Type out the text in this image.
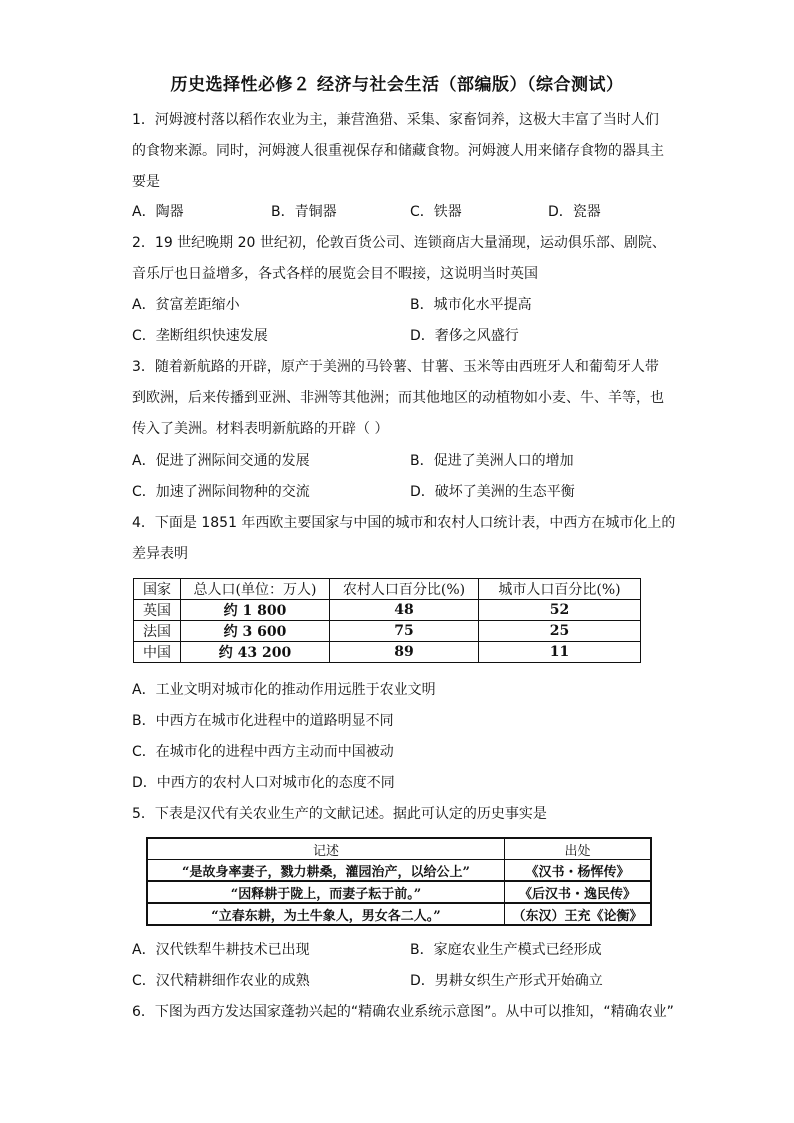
历史选择性必修２ 经济与社会生活（部编版）（综合测试）
1．河姆渡村落以稻作农业为主，兼营渔猎、采集、家畜饲养，这极大丰富了当时人们
的食物来源。同时，河姆渡人很重视保存和储藏食物。河姆渡人用来储存食物的器具主
要是
A．陶器	B．青铜器	C．铁器	D．瓷器
2．19 世纪晚期 20 世纪初，伦敦百货公司、连锁商店大量涌现，运动俱乐部、剧院、
音乐厅也日益增多，各式各样的展览会目不暇接，这说明当时英国
A．贫富差距缩小	B．城市化水平提高
C．垄断组织快速发展	D．奢侈之风盛行
3．随着新航路的开辟，原产于美洲的马铃薯、甘薯、玉米等由西班牙人和葡萄牙人带
到欧洲，后来传播到亚洲、非洲等其他洲；而其他地区的动植物如小麦、牛、羊等，也
传入了美洲。材料表明新航路的开辟（ ）
A．促进了洲际间交通的发展	B．促进了美洲人口的增加
C．加速了洲际间物种的交流	D．破坏了美洲的生态平衡
4．下面是 1851 年西欧主要国家与中国的城市和农村人口统计表，中西方在城市化上的
差异表明
国家	总人口(单位：万人)	农村人口百分比(%)	城市人口百分比(%)
英国	约 1 800	48	52
法国	约 3 600	75	25
中国	约 43 200	89	11
A．工业文明对城市化的推动作用远胜于农业文明
B．中西方在城市化进程中的道路明显不同
C．在城市化的进程中西方主动而中国被动
D．中西方的农村人口对城市化的态度不同
5．下表是汉代有关农业生产的文献记述。据此可认定的历史事实是
记述	出处
“是故身率妻子，戮力耕桑，灌园治产，以给公上”	《汉书・杨恽传》
“因释耕于陇上，而妻子耘于前。”	《后汉书・逸民传》
“立春东耕，为土牛象人，男女各二人。”	（东汉）王充《论衡》
A．汉代铁犁牛耕技术已出现	B．家庭农业生产模式已经形成
C．汉代精耕细作农业的成熟	D．男耕女织生产形式开始确立
6．下图为西方发达国家蓬勃兴起的“精确农业系统示意图”。从中可以推知，“精确农业”
